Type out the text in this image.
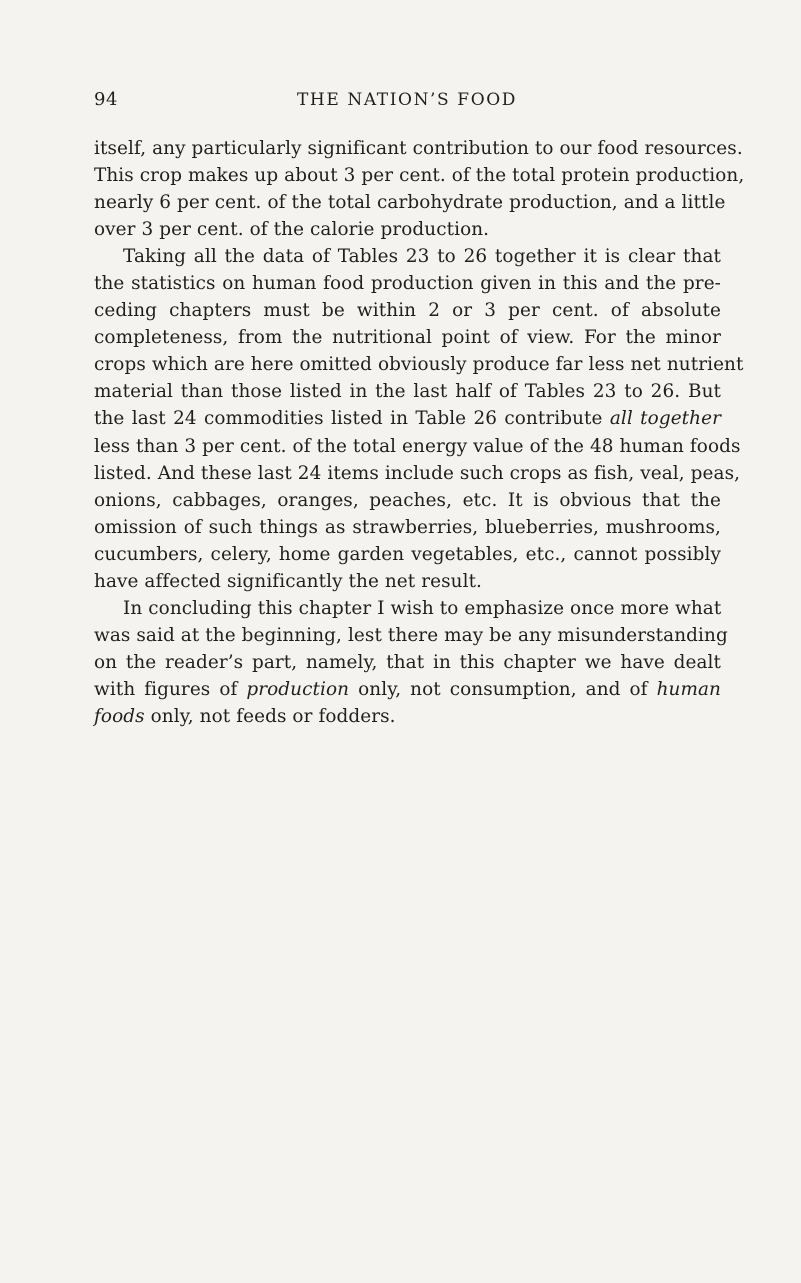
94	THE NATION’S FOOD
itself, any particularly significant contribution to our food resources.
This crop makes up about 3 per cent. of the total protein production,
nearly 6 per cent. of the total carbohydrate production, and a little
over 3 per cent. of the calorie production.
Taking all the data of Tables 23 to 26 together it is clear that
the statistics on human food production given in this and the pre-
ceding chapters must be within 2 or 3 per cent. of absolute
completeness, from the nutritional point of view. For the minor
crops which are here omitted obviously produce far less net nutrient
material than those listed in the last half of Tables 23 to 26. But
the last 24 commodities listed in Table 26 contribute all together
less than 3 per cent. of the total energy value of the 48 human foods
listed. And these last 24 items include such crops as fish, veal, peas,
onions, cabbages, oranges, peaches, etc. It is obvious that the
omission of such things as strawberries, blueberries, mushrooms,
cucumbers, celery, home garden vegetables, etc., cannot possibly
have affected significantly the net result.
In concluding this chapter I wish to emphasize once more what
was said at the beginning, lest there may be any misunderstanding
on the reader’s part, namely, that in this chapter we have dealt
with figures of production only, not consumption, and of human
foods only, not feeds or fodders.
